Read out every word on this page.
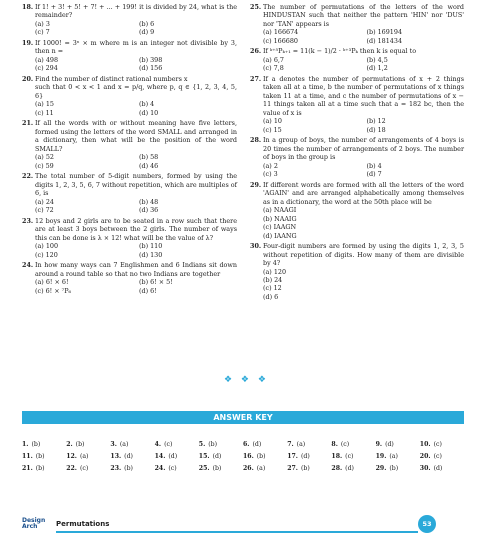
18. If 1! + 3! + 5! + 7! + ... + 199! it is divided by 24, what is the remainder?
(a) 3	(b) 6
(c) 7	(d) 9
19. If 1000! = 3ⁿ × m where m is an integer not divisible by 3, then n =
(a) 498	(b) 398
(c) 294	(d) 156
20. Find the number of distinct rational numbers x
such that 0 < x < 1 and x = p/q, where p, q ∈ {1, 2, 3, 4, 5, 6}
(a) 15	(b) 4
(c) 11	(d) 10
21. If all the words with or without meaning have five letters, formed using the letters of the word SMALL and arranged in a dictionary, then what will be the position of the word SMALL?
(a) 52	(b) 58
(c) 59	(d) 46
22. The total number of 5-digit numbers, formed by using the digits 1, 2, 3, 5, 6, 7 without repetition, which are multiples of 6, is
(a) 24	(b) 48
(c) 72	(d) 36
23. 12 boys and 2 girls are to be seated in a row such that there are at least 3 boys between the 2 girls. The number of ways this can be done is λ × 12! what will be the value of λ?
(a) 100	(b) 110
(c) 120	(d) 130
24. In how many ways can 7 Englishmen and 6 Indians sit down around a round table so that no two Indians are together
(a) 6! × 6!	(b) 6! × 5!
(c) 6! × ⁷P₆	(d) 6!
25. The number of permutations of the letters of the word HINDUSTAN such that neither the pattern 'HIN' nor 'DUS' nor 'TAN' appears is
(a) 166674	(b) 169194
(c) 166680	(d) 181434
26. If ᵏ⁺⁵Pₖ₊₁ = 11(k − 1)/2 · ᵏ⁺³Pₖ then k is equal to
(a) 6,7	(b) 4,5
(c) 7,8	(d) 1,2
27. If a denotes the number of permutations of x + 2 things taken all at a time, b the number of permutations of x things taken 11 at a time, and c the number of permutations of x − 11 things taken all at a time such that a = 182 bc, then the value of x is
(a) 10	(b) 12
(c) 15	(d) 18
28. In a group of boys, the number of arrangements of 4 boys is 20 times the number of arrangements of 2 boys. The number of boys in the group is
(a) 2	(b) 4
(c) 3	(d) 7
29. If different words are formed with all the letters of the word 'AGAIN' and are arranged alphabetically among themselves as in a dictionary, the word at the 50th place will be
(a) NAAGI
(b) NAAIG
(c) IAAGN
(d) IAANG
30. Four-digit numbers are formed by using the digits 1, 2, 3, 5 without repetition of digits. How many of them are divisible by 4?
(a) 120
(b) 24
(c) 12
(d) 6
❖ ❖ ❖
ANSWER KEY
1. (b)	2. (b)	3. (a)	4. (c)	5. (b)	6. (d)	7. (a)	8. (c)	9. (d)	10. (c)
11. (b)	12. (a)	13. (d)	14. (d)	15. (d)	16. (b)	17. (d)	18. (c)	19. (a)	20. (c)
21. (b)	22. (c)	23. (b)	24. (c)	25. (b)	26. (a)	27. (b)	28. (d)	29. (b)	30. (d)
Design
Arch	Permutations	53
